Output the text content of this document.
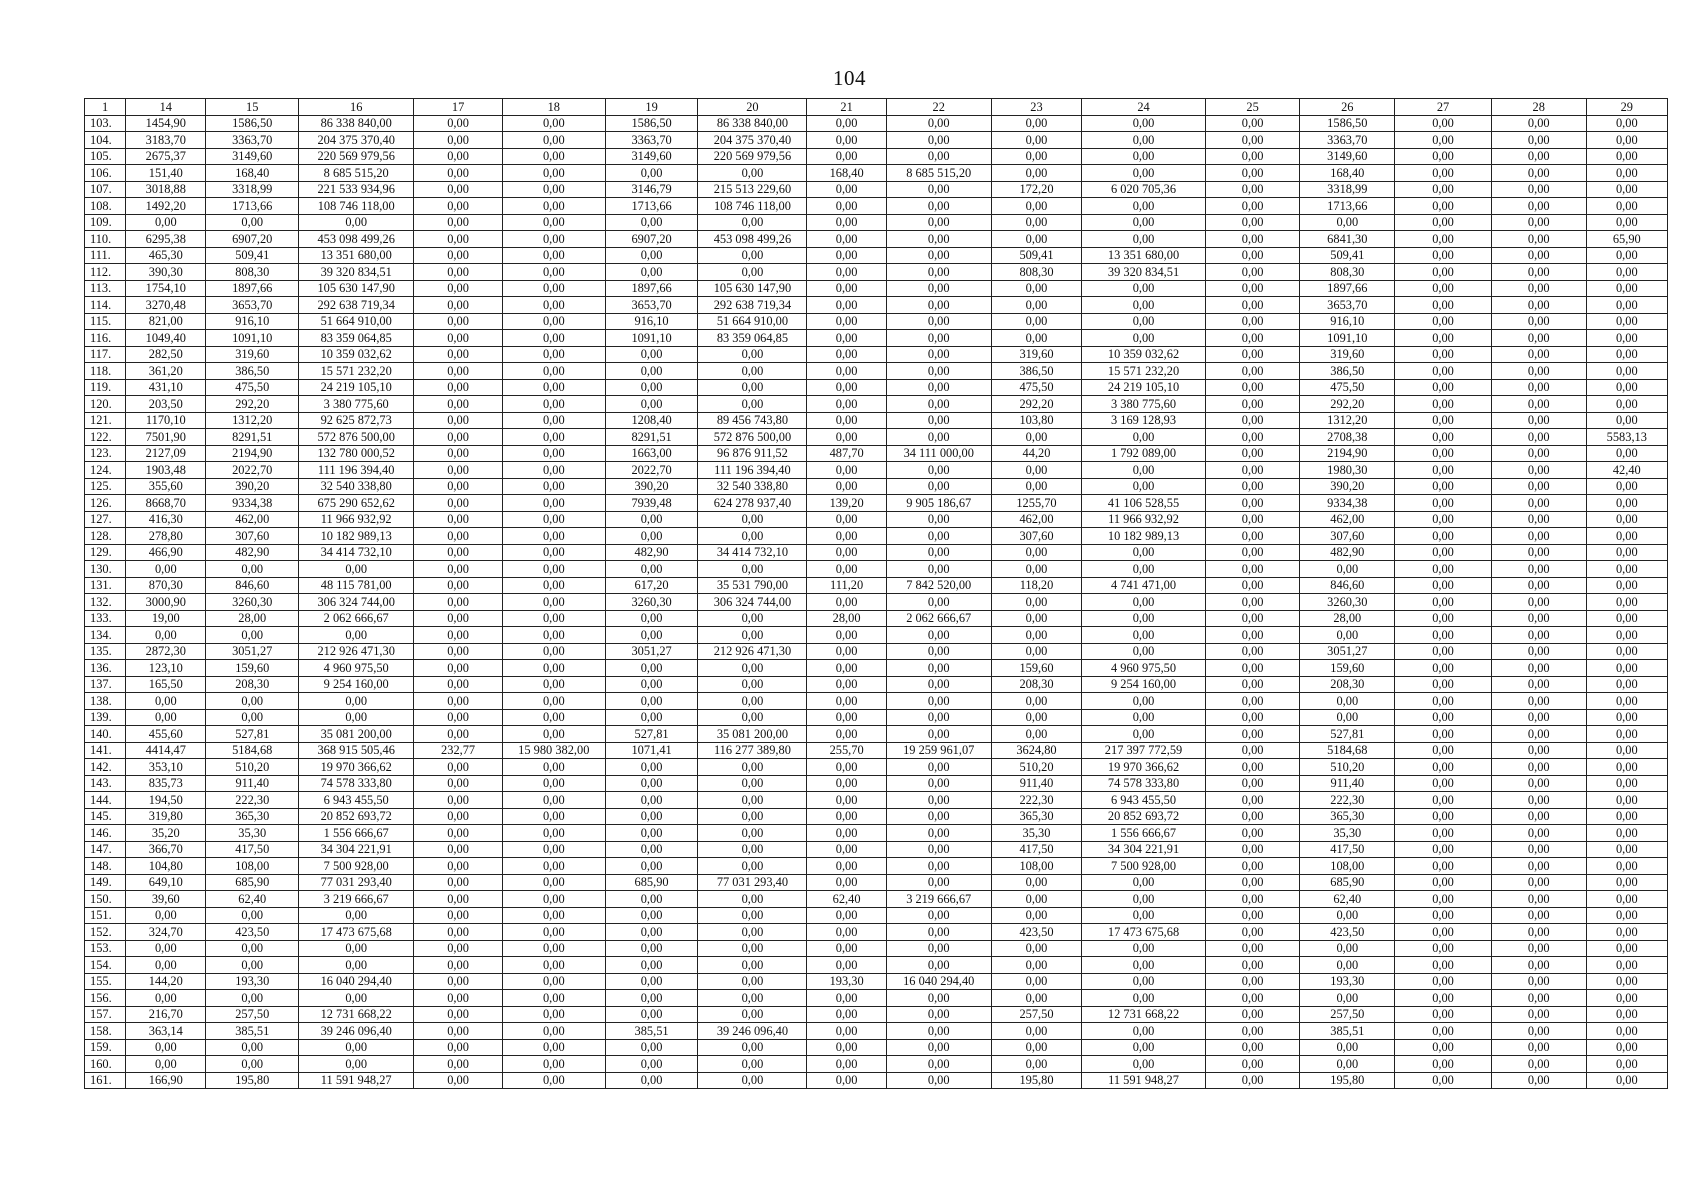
104
1	14	15	16	17	18	19	20	21	22	23	24	25	26	27	28	29
103.	1454,90	1586,50	86 338 840,00	0,00	0,00	1586,50	86 338 840,00	0,00	0,00	0,00	0,00	0,00	1586,50	0,00	0,00	0,00
104.	3183,70	3363,70	204 375 370,40	0,00	0,00	3363,70	204 375 370,40	0,00	0,00	0,00	0,00	0,00	3363,70	0,00	0,00	0,00
105.	2675,37	3149,60	220 569 979,56	0,00	0,00	3149,60	220 569 979,56	0,00	0,00	0,00	0,00	0,00	3149,60	0,00	0,00	0,00
106.	151,40	168,40	8 685 515,20	0,00	0,00	0,00	0,00	168,40	8 685 515,20	0,00	0,00	0,00	168,40	0,00	0,00	0,00
107.	3018,88	3318,99	221 533 934,96	0,00	0,00	3146,79	215 513 229,60	0,00	0,00	172,20	6 020 705,36	0,00	3318,99	0,00	0,00	0,00
108.	1492,20	1713,66	108 746 118,00	0,00	0,00	1713,66	108 746 118,00	0,00	0,00	0,00	0,00	0,00	1713,66	0,00	0,00	0,00
109.	0,00	0,00	0,00	0,00	0,00	0,00	0,00	0,00	0,00	0,00	0,00	0,00	0,00	0,00	0,00	0,00
110.	6295,38	6907,20	453 098 499,26	0,00	0,00	6907,20	453 098 499,26	0,00	0,00	0,00	0,00	0,00	6841,30	0,00	0,00	65,90
111.	465,30	509,41	13 351 680,00	0,00	0,00	0,00	0,00	0,00	0,00	509,41	13 351 680,00	0,00	509,41	0,00	0,00	0,00
112.	390,30	808,30	39 320 834,51	0,00	0,00	0,00	0,00	0,00	0,00	808,30	39 320 834,51	0,00	808,30	0,00	0,00	0,00
113.	1754,10	1897,66	105 630 147,90	0,00	0,00	1897,66	105 630 147,90	0,00	0,00	0,00	0,00	0,00	1897,66	0,00	0,00	0,00
114.	3270,48	3653,70	292 638 719,34	0,00	0,00	3653,70	292 638 719,34	0,00	0,00	0,00	0,00	0,00	3653,70	0,00	0,00	0,00
115.	821,00	916,10	51 664 910,00	0,00	0,00	916,10	51 664 910,00	0,00	0,00	0,00	0,00	0,00	916,10	0,00	0,00	0,00
116.	1049,40	1091,10	83 359 064,85	0,00	0,00	1091,10	83 359 064,85	0,00	0,00	0,00	0,00	0,00	1091,10	0,00	0,00	0,00
117.	282,50	319,60	10 359 032,62	0,00	0,00	0,00	0,00	0,00	0,00	319,60	10 359 032,62	0,00	319,60	0,00	0,00	0,00
118.	361,20	386,50	15 571 232,20	0,00	0,00	0,00	0,00	0,00	0,00	386,50	15 571 232,20	0,00	386,50	0,00	0,00	0,00
119.	431,10	475,50	24 219 105,10	0,00	0,00	0,00	0,00	0,00	0,00	475,50	24 219 105,10	0,00	475,50	0,00	0,00	0,00
120.	203,50	292,20	3 380 775,60	0,00	0,00	0,00	0,00	0,00	0,00	292,20	3 380 775,60	0,00	292,20	0,00	0,00	0,00
121.	1170,10	1312,20	92 625 872,73	0,00	0,00	1208,40	89 456 743,80	0,00	0,00	103,80	3 169 128,93	0,00	1312,20	0,00	0,00	0,00
122.	7501,90	8291,51	572 876 500,00	0,00	0,00	8291,51	572 876 500,00	0,00	0,00	0,00	0,00	0,00	2708,38	0,00	0,00	5583,13
123.	2127,09	2194,90	132 780 000,52	0,00	0,00	1663,00	96 876 911,52	487,70	34 111 000,00	44,20	1 792 089,00	0,00	2194,90	0,00	0,00	0,00
124.	1903,48	2022,70	111 196 394,40	0,00	0,00	2022,70	111 196 394,40	0,00	0,00	0,00	0,00	0,00	1980,30	0,00	0,00	42,40
125.	355,60	390,20	32 540 338,80	0,00	0,00	390,20	32 540 338,80	0,00	0,00	0,00	0,00	0,00	390,20	0,00	0,00	0,00
126.	8668,70	9334,38	675 290 652,62	0,00	0,00	7939,48	624 278 937,40	139,20	9 905 186,67	1255,70	41 106 528,55	0,00	9334,38	0,00	0,00	0,00
127.	416,30	462,00	11 966 932,92	0,00	0,00	0,00	0,00	0,00	0,00	462,00	11 966 932,92	0,00	462,00	0,00	0,00	0,00
128.	278,80	307,60	10 182 989,13	0,00	0,00	0,00	0,00	0,00	0,00	307,60	10 182 989,13	0,00	307,60	0,00	0,00	0,00
129.	466,90	482,90	34 414 732,10	0,00	0,00	482,90	34 414 732,10	0,00	0,00	0,00	0,00	0,00	482,90	0,00	0,00	0,00
130.	0,00	0,00	0,00	0,00	0,00	0,00	0,00	0,00	0,00	0,00	0,00	0,00	0,00	0,00	0,00	0,00
131.	870,30	846,60	48 115 781,00	0,00	0,00	617,20	35 531 790,00	111,20	7 842 520,00	118,20	4 741 471,00	0,00	846,60	0,00	0,00	0,00
132.	3000,90	3260,30	306 324 744,00	0,00	0,00	3260,30	306 324 744,00	0,00	0,00	0,00	0,00	0,00	3260,30	0,00	0,00	0,00
133.	19,00	28,00	2 062 666,67	0,00	0,00	0,00	0,00	28,00	2 062 666,67	0,00	0,00	0,00	28,00	0,00	0,00	0,00
134.	0,00	0,00	0,00	0,00	0,00	0,00	0,00	0,00	0,00	0,00	0,00	0,00	0,00	0,00	0,00	0,00
135.	2872,30	3051,27	212 926 471,30	0,00	0,00	3051,27	212 926 471,30	0,00	0,00	0,00	0,00	0,00	3051,27	0,00	0,00	0,00
136.	123,10	159,60	4 960 975,50	0,00	0,00	0,00	0,00	0,00	0,00	159,60	4 960 975,50	0,00	159,60	0,00	0,00	0,00
137.	165,50	208,30	9 254 160,00	0,00	0,00	0,00	0,00	0,00	0,00	208,30	9 254 160,00	0,00	208,30	0,00	0,00	0,00
138.	0,00	0,00	0,00	0,00	0,00	0,00	0,00	0,00	0,00	0,00	0,00	0,00	0,00	0,00	0,00	0,00
139.	0,00	0,00	0,00	0,00	0,00	0,00	0,00	0,00	0,00	0,00	0,00	0,00	0,00	0,00	0,00	0,00
140.	455,60	527,81	35 081 200,00	0,00	0,00	527,81	35 081 200,00	0,00	0,00	0,00	0,00	0,00	527,81	0,00	0,00	0,00
141.	4414,47	5184,68	368 915 505,46	232,77	15 980 382,00	1071,41	116 277 389,80	255,70	19 259 961,07	3624,80	217 397 772,59	0,00	5184,68	0,00	0,00	0,00
142.	353,10	510,20	19 970 366,62	0,00	0,00	0,00	0,00	0,00	0,00	510,20	19 970 366,62	0,00	510,20	0,00	0,00	0,00
143.	835,73	911,40	74 578 333,80	0,00	0,00	0,00	0,00	0,00	0,00	911,40	74 578 333,80	0,00	911,40	0,00	0,00	0,00
144.	194,50	222,30	6 943 455,50	0,00	0,00	0,00	0,00	0,00	0,00	222,30	6 943 455,50	0,00	222,30	0,00	0,00	0,00
145.	319,80	365,30	20 852 693,72	0,00	0,00	0,00	0,00	0,00	0,00	365,30	20 852 693,72	0,00	365,30	0,00	0,00	0,00
146.	35,20	35,30	1 556 666,67	0,00	0,00	0,00	0,00	0,00	0,00	35,30	1 556 666,67	0,00	35,30	0,00	0,00	0,00
147.	366,70	417,50	34 304 221,91	0,00	0,00	0,00	0,00	0,00	0,00	417,50	34 304 221,91	0,00	417,50	0,00	0,00	0,00
148.	104,80	108,00	7 500 928,00	0,00	0,00	0,00	0,00	0,00	0,00	108,00	7 500 928,00	0,00	108,00	0,00	0,00	0,00
149.	649,10	685,90	77 031 293,40	0,00	0,00	685,90	77 031 293,40	0,00	0,00	0,00	0,00	0,00	685,90	0,00	0,00	0,00
150.	39,60	62,40	3 219 666,67	0,00	0,00	0,00	0,00	62,40	3 219 666,67	0,00	0,00	0,00	62,40	0,00	0,00	0,00
151.	0,00	0,00	0,00	0,00	0,00	0,00	0,00	0,00	0,00	0,00	0,00	0,00	0,00	0,00	0,00	0,00
152.	324,70	423,50	17 473 675,68	0,00	0,00	0,00	0,00	0,00	0,00	423,50	17 473 675,68	0,00	423,50	0,00	0,00	0,00
153.	0,00	0,00	0,00	0,00	0,00	0,00	0,00	0,00	0,00	0,00	0,00	0,00	0,00	0,00	0,00	0,00
154.	0,00	0,00	0,00	0,00	0,00	0,00	0,00	0,00	0,00	0,00	0,00	0,00	0,00	0,00	0,00	0,00
155.	144,20	193,30	16 040 294,40	0,00	0,00	0,00	0,00	193,30	16 040 294,40	0,00	0,00	0,00	193,30	0,00	0,00	0,00
156.	0,00	0,00	0,00	0,00	0,00	0,00	0,00	0,00	0,00	0,00	0,00	0,00	0,00	0,00	0,00	0,00
157.	216,70	257,50	12 731 668,22	0,00	0,00	0,00	0,00	0,00	0,00	257,50	12 731 668,22	0,00	257,50	0,00	0,00	0,00
158.	363,14	385,51	39 246 096,40	0,00	0,00	385,51	39 246 096,40	0,00	0,00	0,00	0,00	0,00	385,51	0,00	0,00	0,00
159.	0,00	0,00	0,00	0,00	0,00	0,00	0,00	0,00	0,00	0,00	0,00	0,00	0,00	0,00	0,00	0,00
160.	0,00	0,00	0,00	0,00	0,00	0,00	0,00	0,00	0,00	0,00	0,00	0,00	0,00	0,00	0,00	0,00
161.	166,90	195,80	11 591 948,27	0,00	0,00	0,00	0,00	0,00	0,00	195,80	11 591 948,27	0,00	195,80	0,00	0,00	0,00
